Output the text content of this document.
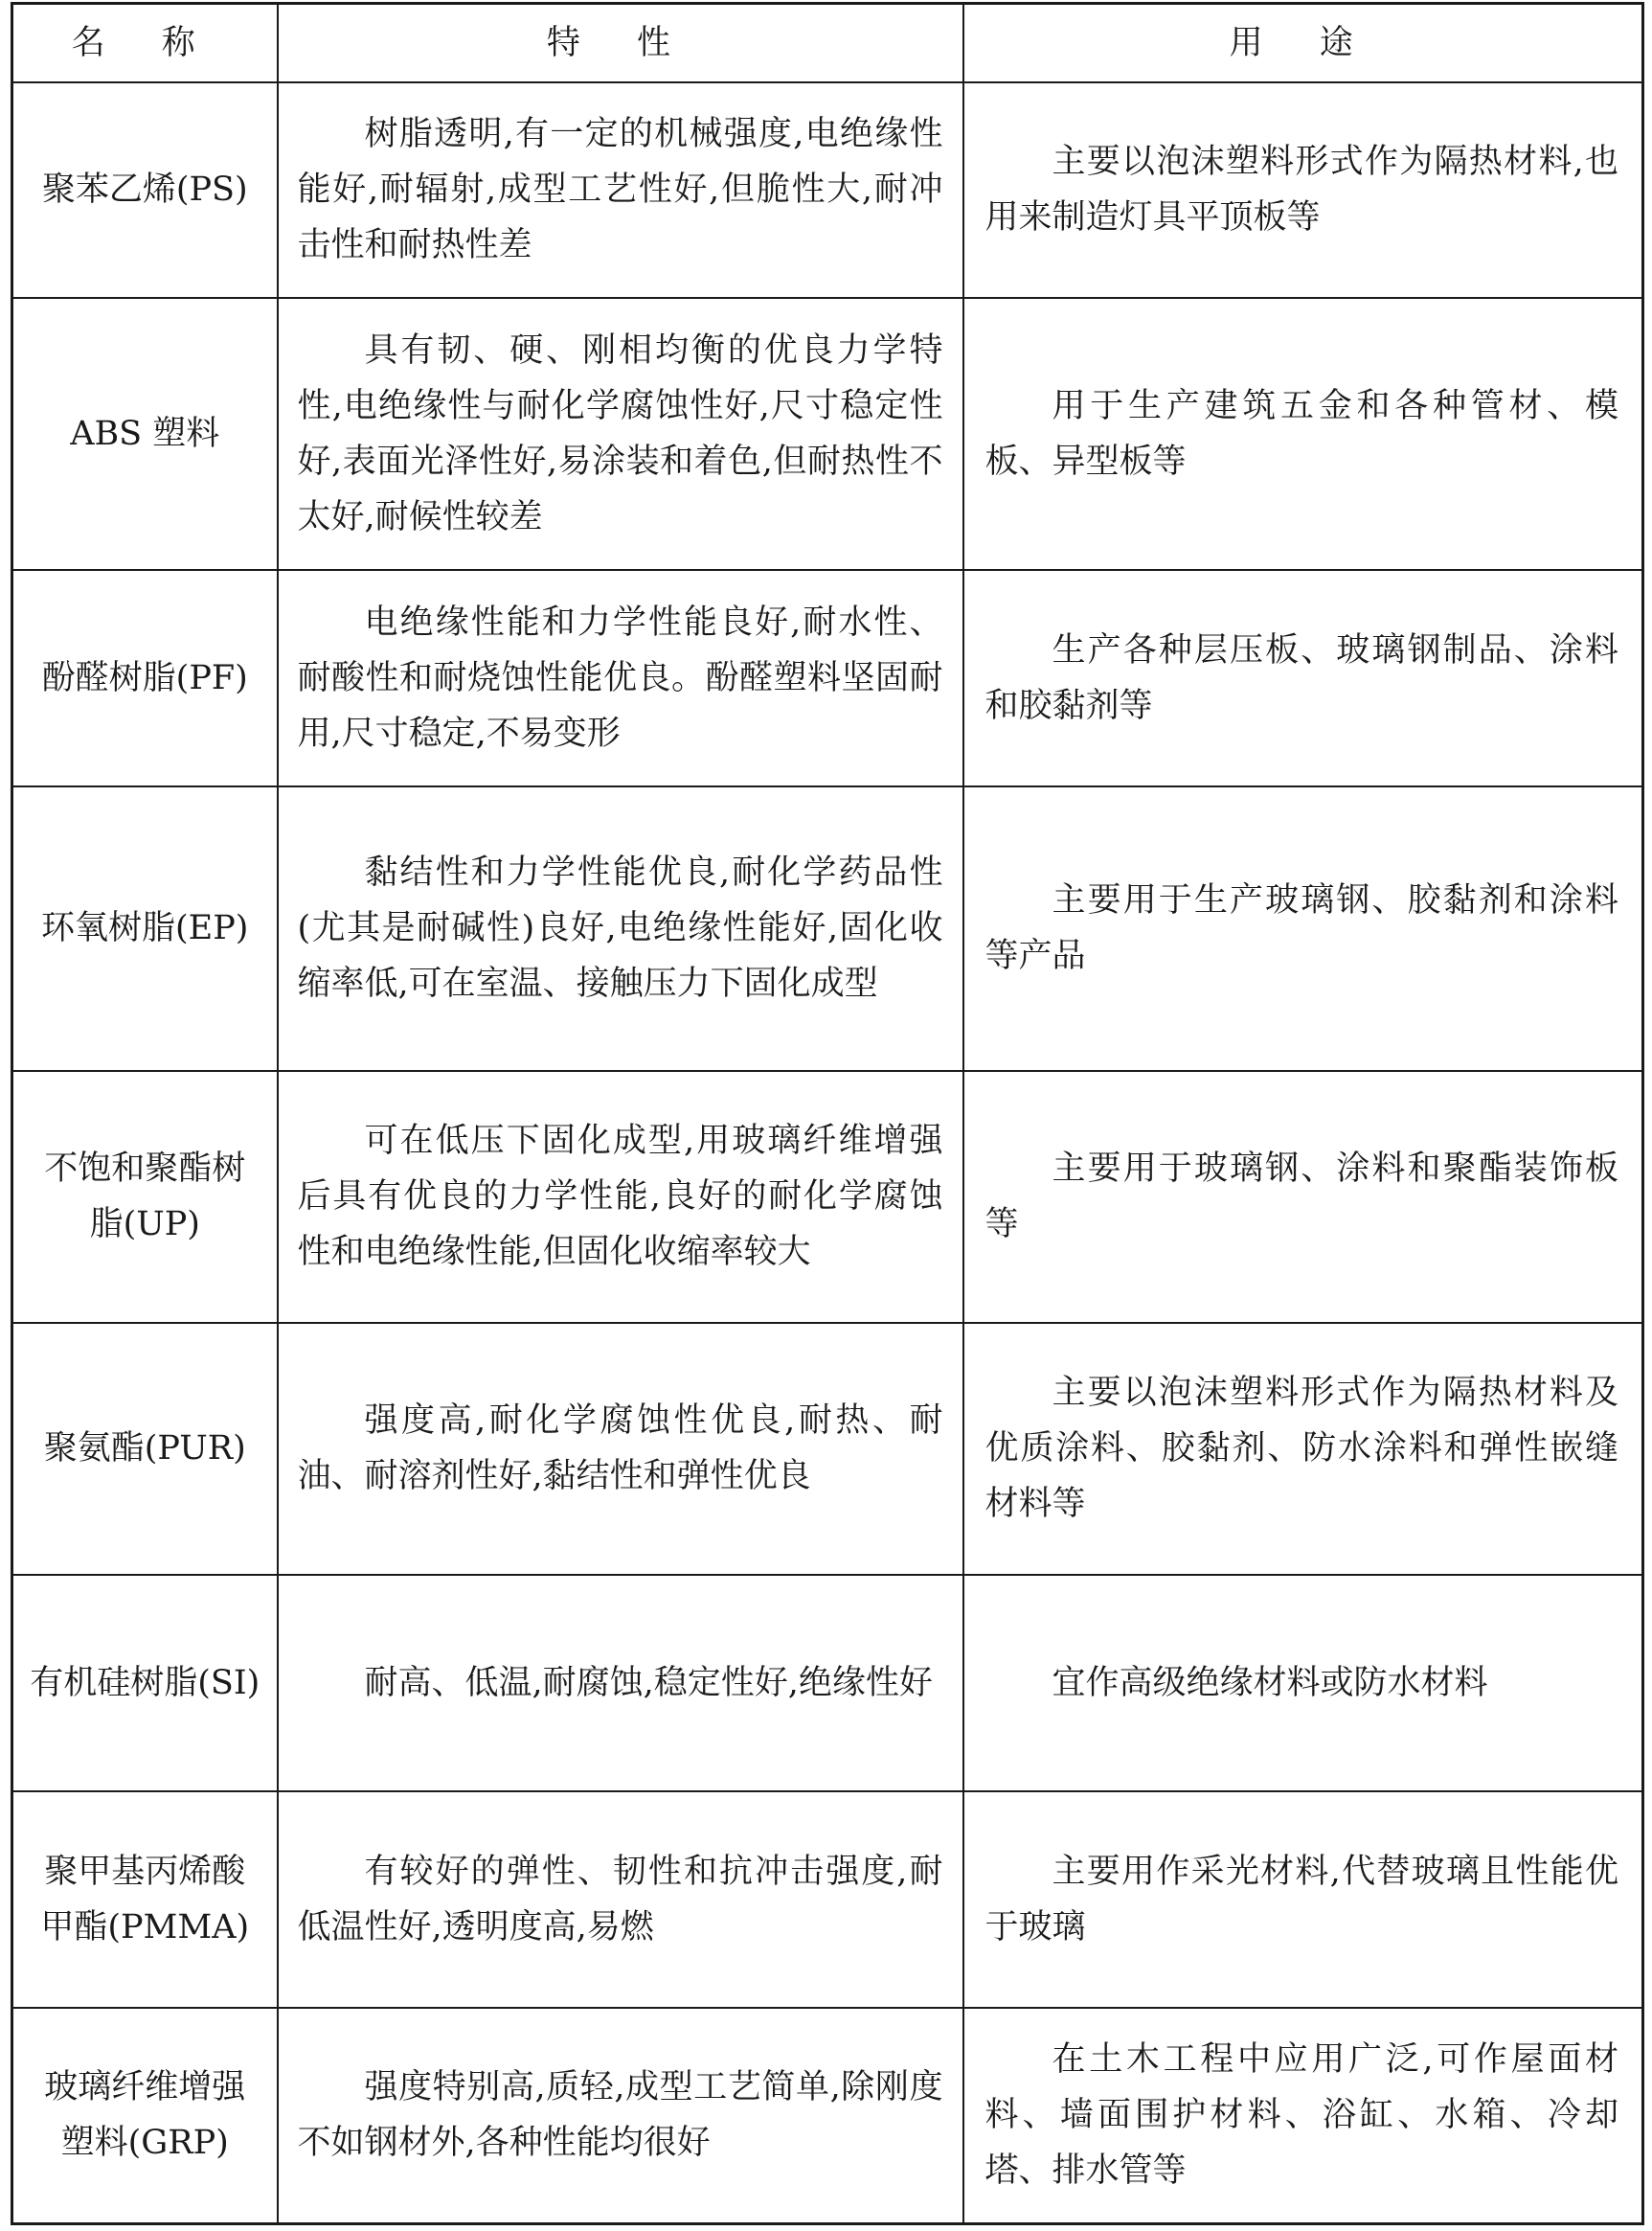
名 称	特 性	用 途
聚苯乙烯(PS)	树脂透明,有一定的机械强度,电绝缘性能好,耐辐射,成型工艺性好,但脆性大,耐冲击性和耐热性差	主要以泡沫塑料形式作为隔热材料,也用来制造灯具平顶板等
ABS 塑料	具有韧、硬、刚相均衡的优良力学特性,电绝缘性与耐化学腐蚀性好,尺寸稳定性好,表面光泽性好,易涂装和着色,但耐热性不太好,耐候性较差	用于生产建筑五金和各种管材、模板、异型板等
酚醛树脂(PF)	电绝缘性能和力学性能良好,耐水性、耐酸性和耐烧蚀性能优良。酚醛塑料坚固耐用,尺寸稳定,不易变形	生产各种层压板、玻璃钢制品、涂料和胶黏剂等
环氧树脂(EP)	黏结性和力学性能优良,耐化学药品性(尤其是耐碱性)良好,电绝缘性能好,固化收缩率低,可在室温、接触压力下固化成型	主要用于生产玻璃钢、胶黏剂和涂料等产品
不饱和聚酯树脂(UP)	可在低压下固化成型,用玻璃纤维增强后具有优良的力学性能,良好的耐化学腐蚀性和电绝缘性能,但固化收缩率较大	主要用于玻璃钢、涂料和聚酯装饰板等
聚氨酯(PUR)	强度高,耐化学腐蚀性优良,耐热、耐油、耐溶剂性好,黏结性和弹性优良	主要以泡沫塑料形式作为隔热材料及优质涂料、胶黏剂、防水涂料和弹性嵌缝材料等
有机硅树脂(SI)	耐高、低温,耐腐蚀,稳定性好,绝缘性好	宜作高级绝缘材料或防水材料
聚甲基丙烯酸甲酯(PMMA)	有较好的弹性、韧性和抗冲击强度,耐低温性好,透明度高,易燃	主要用作采光材料,代替玻璃且性能优于玻璃
玻璃纤维增强塑料(GRP)	强度特别高,质轻,成型工艺简单,除刚度不如钢材外,各种性能均很好	在土木工程中应用广泛,可作屋面材料、墙面围护材料、浴缸、水箱、冷却塔、排水管等
